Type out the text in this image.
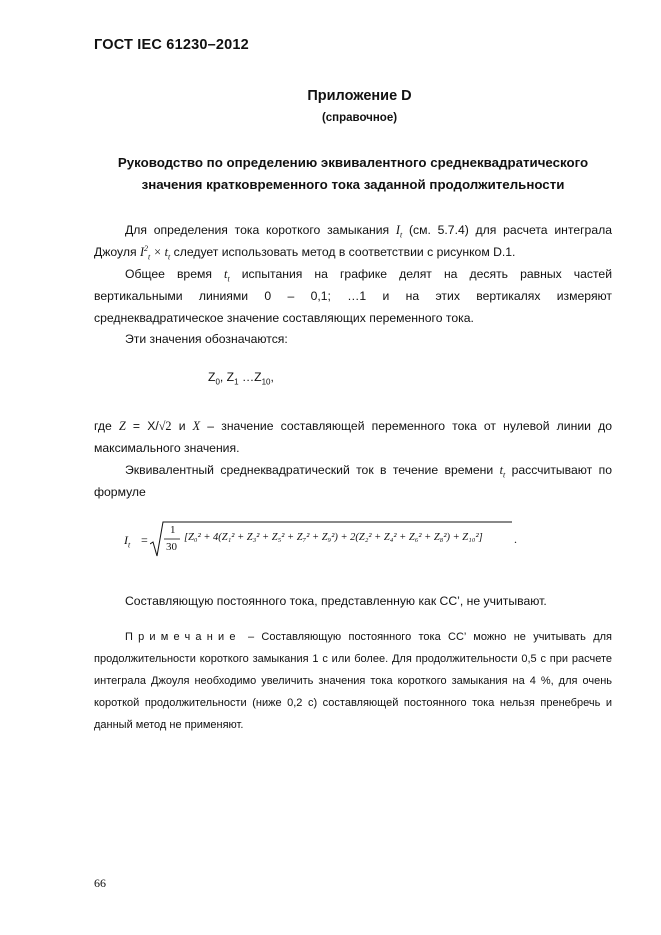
ГОСТ IEC 61230–2012
Приложение D
(справочное)
Руководство по определению эквивалентного среднеквадратического
значения кратковременного тока заданной продолжительности
Для определения тока короткого замыкания $I_t$ (см. 5.7.4) для расчета интеграла
Джоуля $I^2_t \times t_t$ следует использовать метод в соответствии с рисунком D.1.
Общее время $t_t$ испытания на графике делят на десять равных частей
вертикальными линиями 0 – 0,1; …1 и на этих вертикалях измеряют
среднеквадратическое значение составляющих переменного тока.
Эти значения обозначаются:
$Z_0$, $Z_1$ $\dots Z_{10}$,
где Z = X/√2 и X – значение составляющей переменного тока от нулевой линии до
максимального значения.
Эквивалентный среднеквадратический ток в течение времени $t_t$ рассчитывают по
формуле
$I_t$ =
1
30
[Z₀² + 4(Z₁² + Z₃² + Z₅² + Z₇² + Z₉²) + 2(Z₂² + Z₄² + Z₆² + Z₈²) + Z₁₀²]	.
Составляющую постоянного тока, представленную как CC’, не учитывают.
Примечание – Составляющую постоянного тока CC’ можно не учитывать для
продолжительности короткого замыкания 1 с или более. Для продолжительности 0,5 с при расчете
интеграла Джоуля необходимо увеличить значения тока короткого замыкания на 4 %, для очень
короткой продолжительности (ниже 0,2 с) составляющей постоянного тока нельзя пренебречь и
данный метод не применяют.
66
